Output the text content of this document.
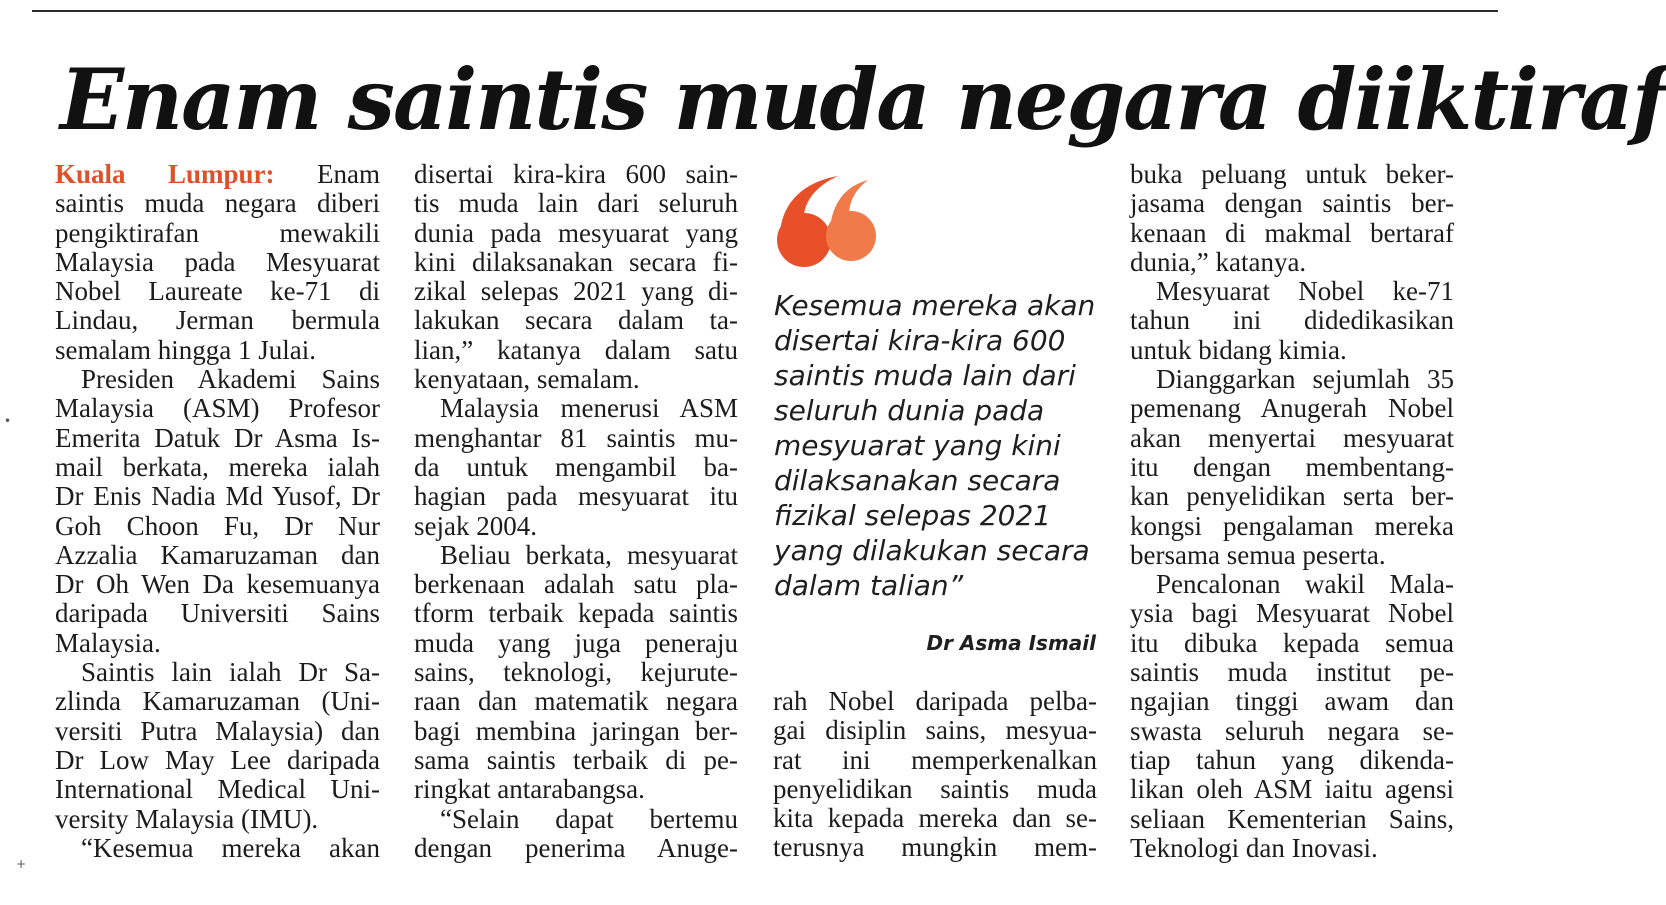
Enam saintis muda negara diiktiraf
Kuala Lumpur: Enam
saintis muda negara diberi
pengiktirafan mewakili
Malaysia pada Mesyuarat
Nobel Laureate ke-71 di
Lindau, Jerman bermula
semalam hingga 1 Julai.
Presiden Akademi Sains
Malaysia (ASM) Profesor
Emerita Datuk Dr Asma Is-
mail berkata, mereka ialah
Dr Enis Nadia Md Yusof, Dr
Goh Choon Fu, Dr Nur
Azzalia Kamaruzaman dan
Dr Oh Wen Da kesemuanya
daripada Universiti Sains
Malaysia.
Saintis lain ialah Dr Sa-
zlinda Kamaruzaman (Uni-
versiti Putra Malaysia) dan
Dr Low May Lee daripada
International Medical Uni-
versity Malaysia (IMU).
“Kesemua mereka akan
disertai kira-kira 600 sain-
tis muda lain dari seluruh
dunia pada mesyuarat yang
kini dilaksanakan secara fi-
zikal selepas 2021 yang di-
lakukan secara dalam ta-
lian,” katanya dalam satu
kenyataan, semalam.
Malaysia menerusi ASM
menghantar 81 saintis mu-
da untuk mengambil ba-
hagian pada mesyuarat itu
sejak 2004.
Beliau berkata, mesyuarat
berkenaan adalah satu pla-
tform terbaik kepada saintis
muda yang juga peneraju
sains, teknologi, kejurute-
raan dan matematik negara
bagi membina jaringan ber-
sama saintis terbaik di pe-
ringkat antarabangsa.
“Selain dapat bertemu
dengan penerima Anuge-
Kesemua mereka akan
disertai kira-kira 600
saintis muda lain dari
seluruh dunia pada
mesyuarat yang kini
dilaksanakan secara
fizikal selepas 2021
yang dilakukan secara
dalam talian”
Dr Asma Ismail
rah Nobel daripada pelba-
gai disiplin sains, mesyua-
rat ini memperkenalkan
penyelidikan saintis muda
kita kepada mereka dan se-
terusnya mungkin mem-
buka peluang untuk beker-
jasama dengan saintis ber-
kenaan di makmal bertaraf
dunia,” katanya.
Mesyuarat Nobel ke-71
tahun ini didedikasikan
untuk bidang kimia.
Dianggarkan sejumlah 35
pemenang Anugerah Nobel
akan menyertai mesyuarat
itu dengan membentang-
kan penyelidikan serta ber-
kongsi pengalaman mereka
bersama semua peserta.
Pencalonan wakil Mala-
ysia bagi Mesyuarat Nobel
itu dibuka kepada semua
saintis muda institut pe-
ngajian tinggi awam dan
swasta seluruh negara se-
tiap tahun yang dikenda-
likan oleh ASM iaitu agensi
seliaan Kementerian Sains,
Teknologi dan Inovasi.
•
+
